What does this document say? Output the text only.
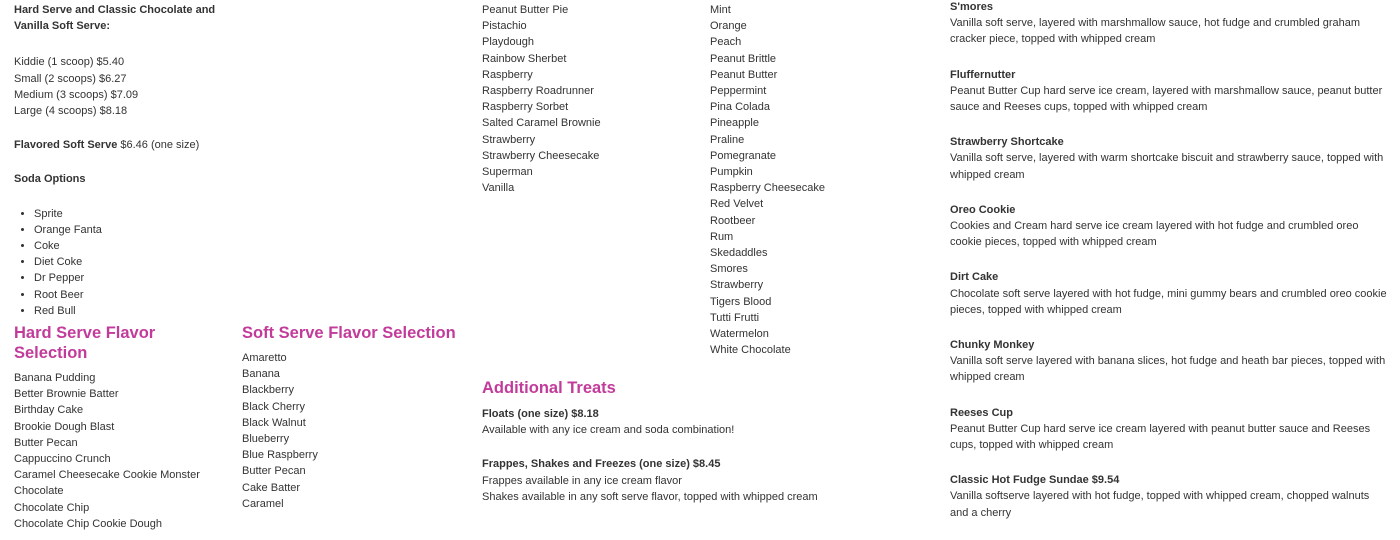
Hard Serve and Classic Chocolate and Vanilla Soft Serve:

Kiddie (1 scoop) $5.40
Small (2 scoops) $6.27
Medium (3 scoops) $7.09
Large (4 scoops) $8.18

Flavored Soft Serve $6.46 (one size)

Soda Options

• Sprite
• Orange Fanta
• Coke
• Diet Coke
• Dr Pepper
• Root Beer
• Red Bull

Hard Serve Flavor Selection

Banana Pudding
Better Brownie Batter
Birthday Cake
Brookie Dough Blast
Butter Pecan
Cappuccino Crunch
Caramel Cheesecake Cookie Monster
Chocolate
Chocolate Chip
Chocolate Chip Cookie Dough

Soft Serve Flavor Selection

Amaretto
Banana
Blackberry
Black Cherry
Black Walnut
Blueberry
Blue Raspberry
Butter Pecan
Cake Batter
Caramel
Peanut Butter Pie
Pistachio
Playdough
Rainbow Sherbet
Raspberry
Raspberry Roadrunner
Raspberry Sorbet
Salted Caramel Brownie
Strawberry
Strawberry Cheesecake
Superman
Vanilla

Additional Treats

Floats (one size) $8.18

Available with any ice cream and soda combination!

Frappes, Shakes and Freezes (one size) $8.45

Frappes available in any ice cream flavor

Shakes available in any soft serve flavor, topped with whipped cream

Mint
Orange
Peach
Peanut Brittle
Peanut Butter
Peppermint
Pina Colada
Pineapple
Praline
Pomegranate
Pumpkin
Raspberry Cheesecake
Red Velvet
Rootbeer
Rum
Skedaddles
Smores
Strawberry
Tigers Blood
Tutti Frutti
Watermelon
White Chocolate

S'mores

Vanilla soft serve, layered with marshmallow sauce, hot fudge and crumbled graham cracker piece, topped with whipped cream

Fluffernutter

Peanut Butter Cup hard serve ice cream, layered with marshmallow sauce, peanut butter sauce and Reeses cups, topped with whipped cream

Strawberry Shortcake

Vanilla soft serve, layered with warm shortcake biscuit and strawberry sauce, topped with whipped cream

Oreo Cookie

Cookies and Cream hard serve ice cream layered with hot fudge and crumbled oreo cookie pieces, topped with whipped cream

Dirt Cake

Chocolate soft serve layered with hot fudge, mini gummy bears and crumbled oreo cookie pieces, topped with whipped cream

Chunky Monkey

Vanilla soft serve layered with banana slices, hot fudge and heath bar pieces, topped with whipped cream

Reeses Cup

Peanut Butter Cup hard serve ice cream layered with peanut butter sauce and Reeses cups, topped with whipped cream

Classic Hot Fudge Sundae $9.54

Vanilla softserve layered with hot fudge, topped with whipped cream, chopped walnuts and a cherry
